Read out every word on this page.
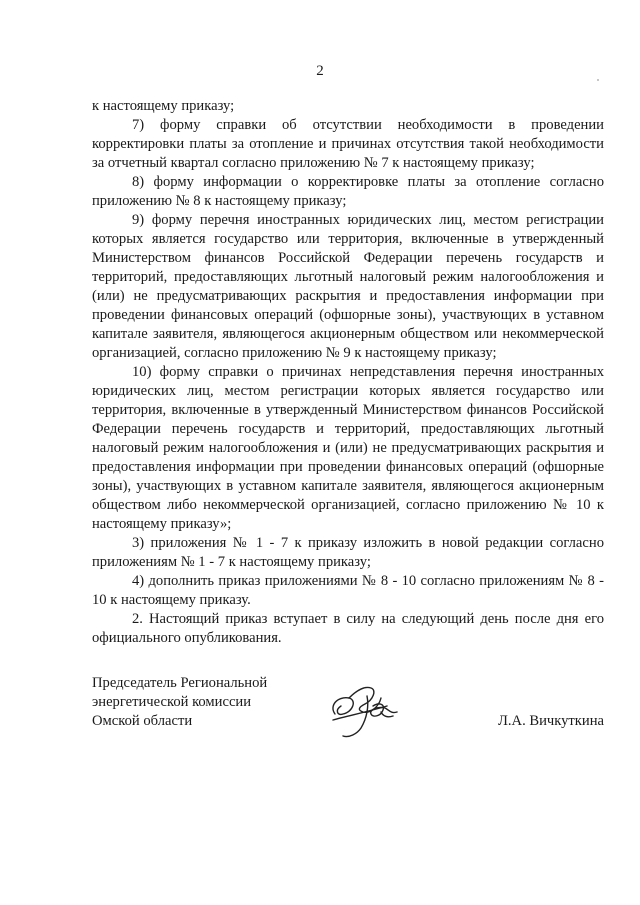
2

к настоящему приказу;

7) форму справки об отсутствии необходимости в проведении корректировки платы за отопление и причинах отсутствия такой необходимости за отчетный квартал согласно приложению № 7 к настоящему приказу;

8) форму информации о корректировке платы за отопление согласно приложению № 8 к настоящему приказу;

9) форму перечня иностранных юридических лиц, местом регистрации которых является государство или территория, включенные в утвержденный Министерством финансов Российской Федерации перечень государств и территорий, предоставляющих льготный налоговый режим налогообложения и (или) не предусматривающих раскрытия и предоставления информации при проведении финансовых операций (офшорные зоны), участвующих в уставном капитале заявителя, являющегося акционерным обществом или некоммерческой организацией, согласно приложению № 9 к настоящему приказу;

10) форму справки о причинах непредставления перечня иностранных юридических лиц, местом регистрации которых является государство или территория, включенные в утвержденный Министерством финансов Российской Федерации перечень государств и территорий, предоставляющих льготный налоговый режим налогообложения и (или) не предусматривающих раскрытия и предоставления информации при проведении финансовых операций (офшорные зоны), участвующих в уставном капитале заявителя, являющегося акционерным обществом либо некоммерческой организацией, согласно приложению № 10 к настоящему приказу»;

3) приложения № 1 - 7 к приказу изложить в новой редакции согласно приложениям № 1 - 7 к настоящему приказу;

4) дополнить приказ приложениями № 8 - 10 согласно приложениям № 8 - 10 к настоящему приказу.

2. Настоящий приказ вступает в силу на следующий день после дня его официального опубликования.

Председатель Региональной
энергетической комиссии
Омской области	Л.А. Вичкуткина
